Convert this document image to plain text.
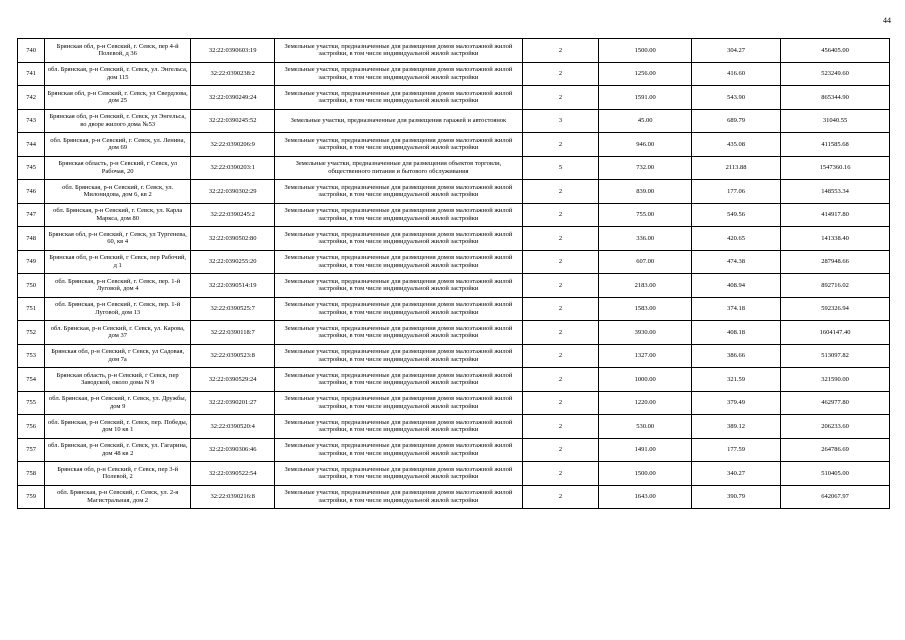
44
740	Брянская обл, р-н Севский, г. Севск, пер 4-й Полевой, д 36	32:22:0390603:19	Земельные участки, предназначенные для размещения домов малоэтажной жилой застройки, в том числе индивидуальной жилой застройки	2	1500.00	304.27	456405.00
741	обл. Брянская, р-н Севский, г. Севск, ул. Энгельса, дом 115	32:22:0390238:2	Земельные участки, предназначенные для размещения домов малоэтажной жилой застройки, в том числе индивидуальной жилой застройки	2	1256.00	416.60	523249.60
742	Брянская обл, р-н Севский, г. Севск, ул Свердлова, дом 25	32:22:0390249:24	Земельные участки, предназначенные для размещения домов малоэтажной жилой застройки, в том числе индивидуальной жилой застройки	2	1591.00	543.90	865344.90
743	Брянская обл, р-н Севский, г. Севск, ул Энгельса, во дворе жилого дома №53	32:22:0390245:52	Земельные участки, предназначенные для размещения гаражей и автостоянок	3	45.00	689.79	31040.55
744	обл. Брянская, р-н Севский, г. Севск, ул. Ленина, дом 69	32:22:0390206:9	Земельные участки, предназначенные для размещения домов малоэтажной жилой застройки, в том числе индивидуальной жилой застройки	2	946.00	435.08	411585.68
745	Брянская область, р-н Севский, г Севск, ул Рабочая, 20	32:22:0390203:1	Земельные участки, предназначенные для размещения объектов торговли, общественного питания и бытового обслуживания	5	732.00	2113.88	1547360.16
746	обл. Брянская, р-н Севский, г. Севск, ул. Милонидова, дом 6, кв 2	32:22:0390302:29	Земельные участки, предназначенные для размещения домов малоэтажной жилой застройки, в том числе индивидуальной жилой застройки	2	839.00	177.06	148553.34
747	обл. Брянская, р-н Севский, г. Севск, ул. Карла Маркса, дом 80	32:22:0390245:2	Земельные участки, предназначенные для размещения домов малоэтажной жилой застройки, в том числе индивидуальной жилой застройки	2	755.00	549.56	414917.80
748	Брянская обл, р-н Севский, г Севск, ул Тургенева, 60, кв 4	32:22:0390502:80	Земельные участки, предназначенные для размещения домов малоэтажной жилой застройки, в том числе индивидуальной жилой застройки	2	336.00	420.65	141338.40
749	Брянская обл, р-н Севский, г Севск, пер Рабочий, д 1	32:22:0390255:20	Земельные участки, предназначенные для размещения домов малоэтажной жилой застройки, в том числе индивидуальной жилой застройки	2	607.00	474.38	287948.66
750	обл. Брянская, р-н Севский, г. Севск, пер. 1-й Луговой, дом 4	32:22:0390514:19	Земельные участки, предназначенные для размещения домов малоэтажной жилой застройки, в том числе индивидуальной жилой застройки	2	2183.00	408.94	892716.02
751	обл. Брянская, р-н Севский, г. Севск, пер. 1-й Луговой, дом 13	32:22:0390525:7	Земельные участки, предназначенные для размещения домов малоэтажной жилой застройки, в том числе индивидуальной жилой застройки	2	1583.00	374.18	592326.94
752	обл. Брянская, р-н Севский, г. Севск, ул. Карова, дом 37	32:22:0390118:7	Земельные участки, предназначенные для размещения домов малоэтажной жилой застройки, в том числе индивидуальной жилой застройки	2	3930.00	408.18	1604147.40
753	Брянская обл, р-н Севский, г Севск, ул Садовая, дом 7а	32:22:0390523:8	Земельные участки, предназначенные для размещения домов малоэтажной жилой застройки, в том числе индивидуальной жилой застройки	2	1327.00	386.66	513097.82
754	Брянская область, р-н Севский, г Севск, пер Заводской, около дома N 9	32:22:0390529:24	Земельные участки, предназначенные для размещения домов малоэтажной жилой застройки, в том числе индивидуальной жилой застройки	2	1000.00	321.59	321590.00
755	обл. Брянская, р-н Севский, г. Севск, ул. Дружбы, дом 9	32:22:0390201:27	Земельные участки, предназначенные для размещения домов малоэтажной жилой застройки, в том числе индивидуальной жилой застройки	2	1220.00	379.49	462977.80
756	обл. Брянская, р-н Севский, г. Севск, пер. Победы, дом 10 кв 1	32:22:0390520:4	Земельные участки, предназначенные для размещения домов малоэтажной жилой застройки, в том числе индивидуальной жилой застройки	2	530.00	389.12	206233.60
757	обл. Брянская, р-н Севский, г. Севск, ул. Гагарина, дом 48 кв 2	32:22:0390306:46	Земельные участки, предназначенные для размещения домов малоэтажной жилой застройки, в том числе индивидуальной жилой застройки	2	1491.00	177.59	264786.69
758	Брянская обл, р-н Севский, г Севск, пер 3-й Полевой, 2	32:22:0390522:54	Земельные участки, предназначенные для размещения домов малоэтажной жилой застройки, в том числе индивидуальной жилой застройки	2	1500.00	340.27	510405.00
759	обл. Брянская, р-н Севский, г. Севск, ул. 2-я Магистральная, дом 2	32:22:0390216:8	Земельные участки, предназначенные для размещения домов малоэтажной жилой застройки, в том числе индивидуальной жилой застройки	2	1643.00	390.79	642067.97
